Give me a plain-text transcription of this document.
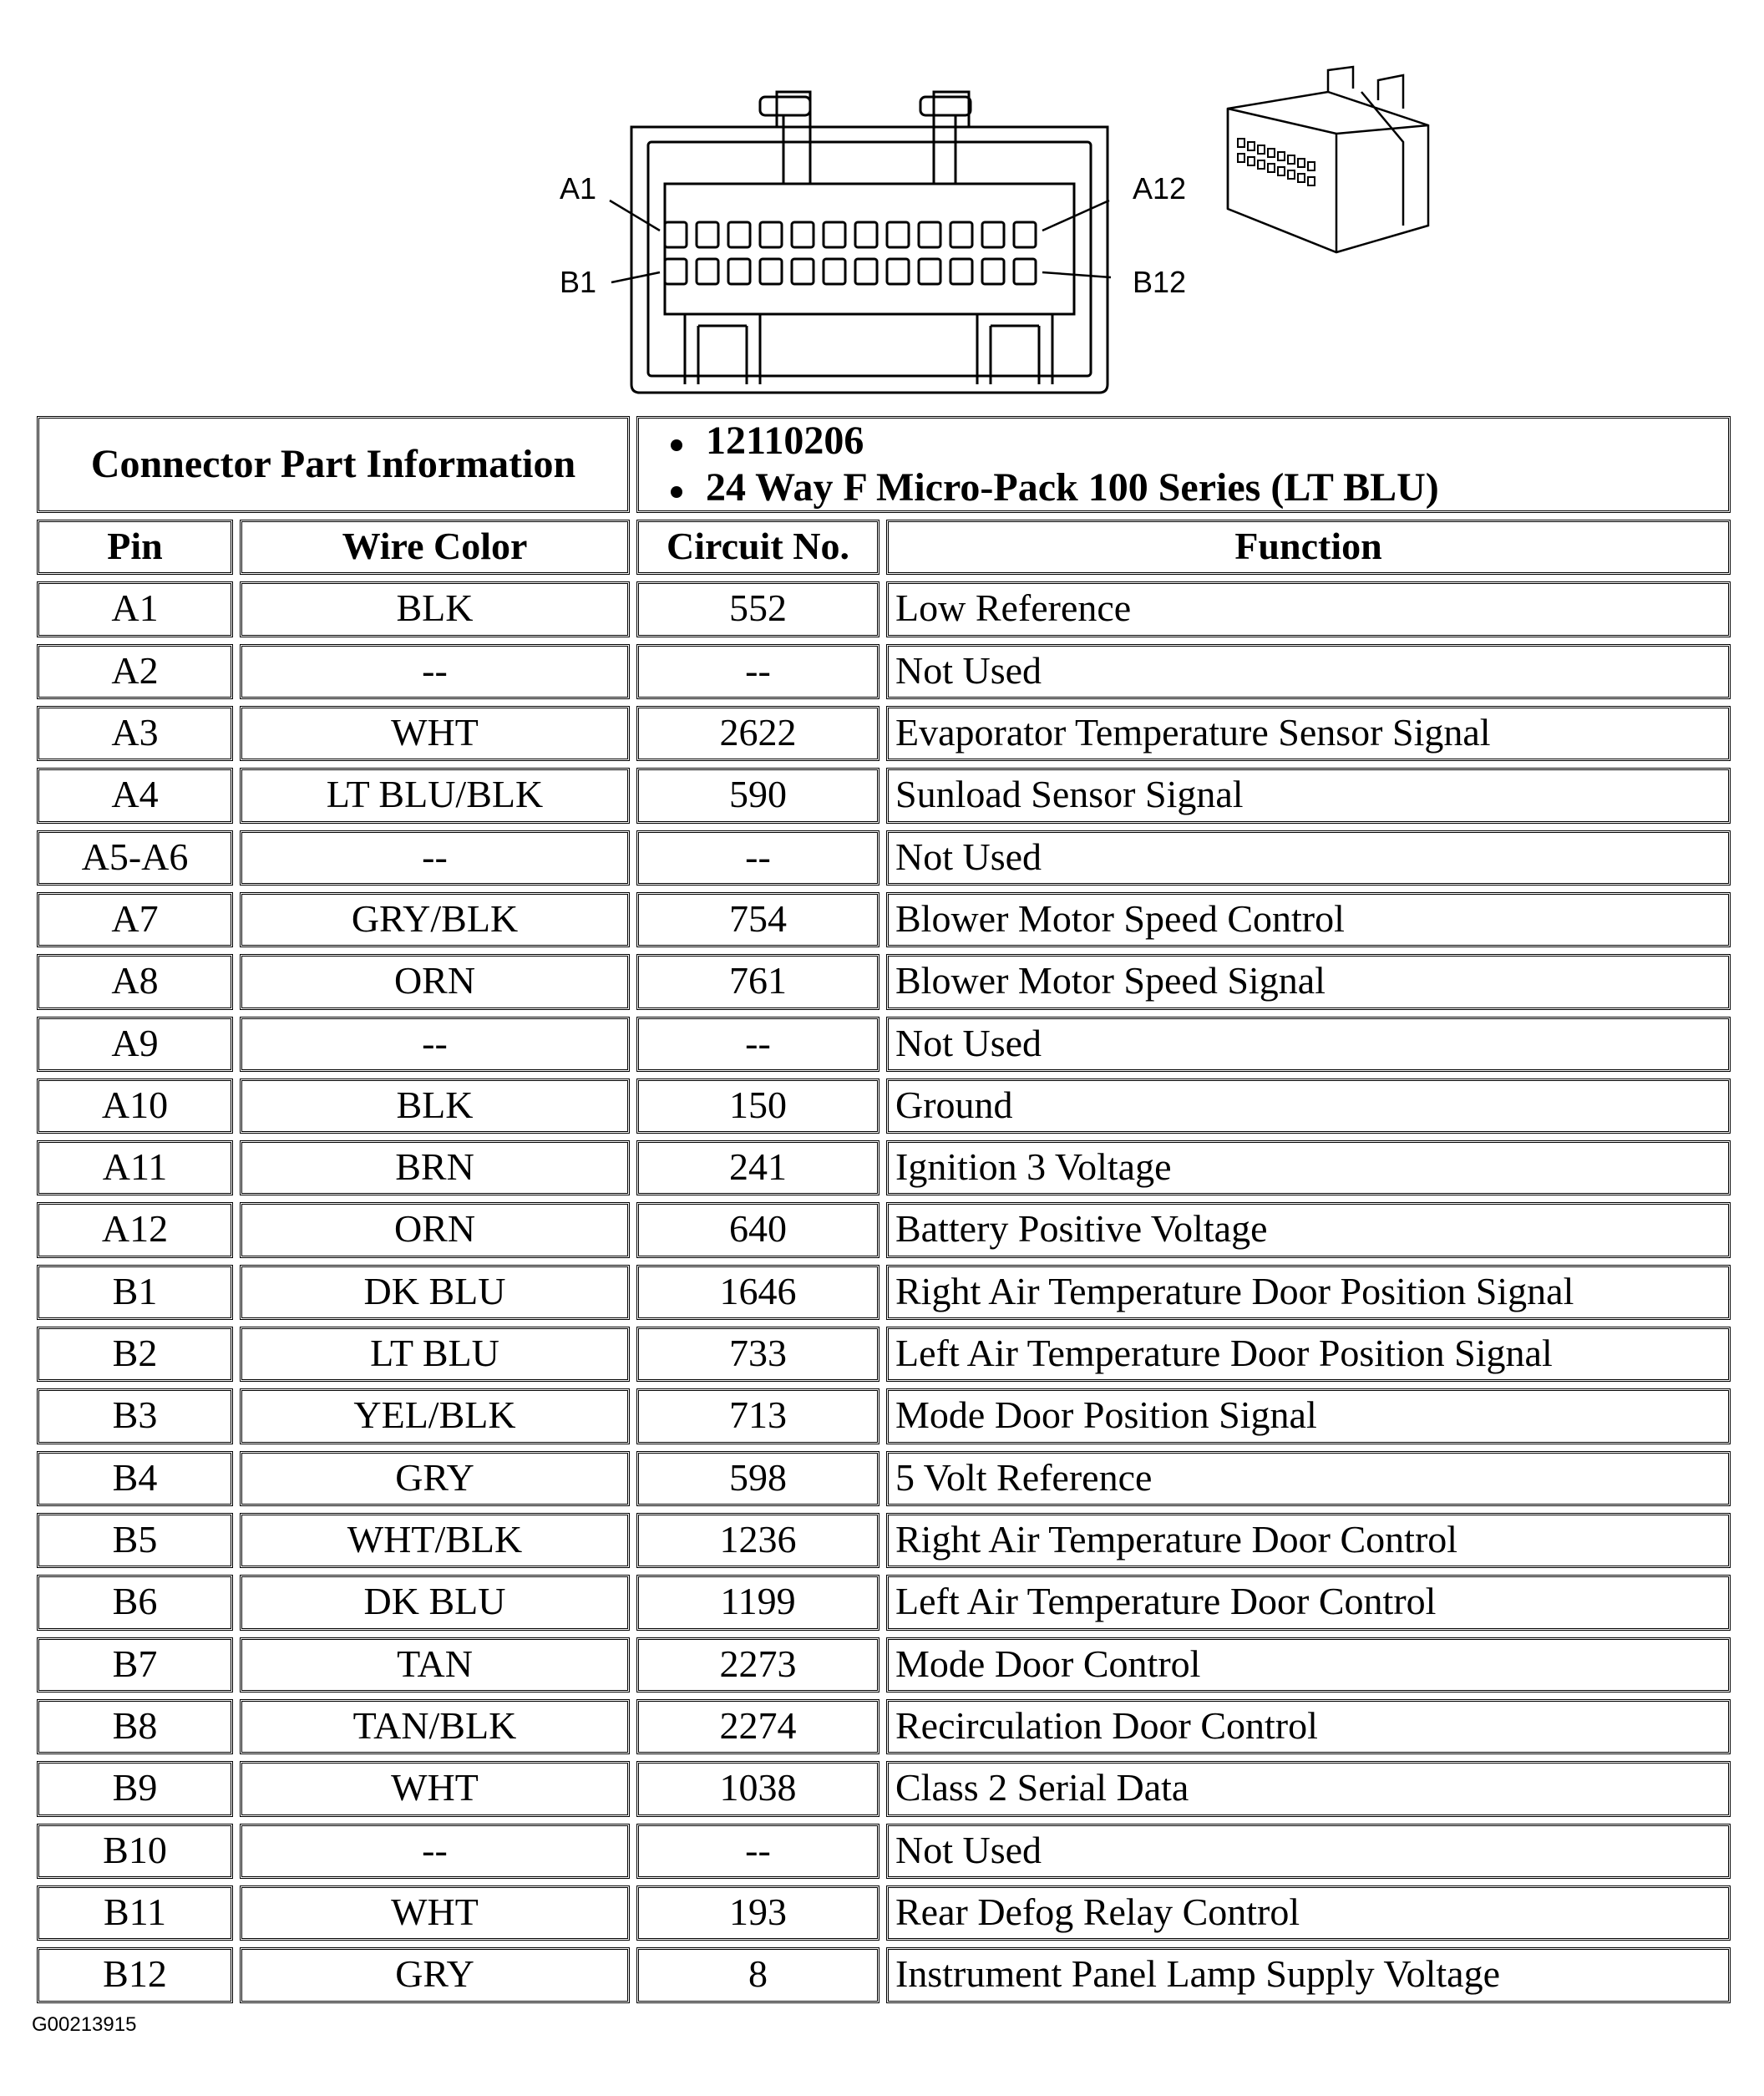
A1	A12
B1	B12
Connector Part Information
12110206
24 Way F Micro-Pack 100 Series (LT BLU)
Pin	Wire Color	Circuit No.	Function
A1	BLK	552	Low Reference
A2	--	--	Not Used
A3	WHT	2622	Evaporator Temperature Sensor Signal
A4	LT BLU/BLK	590	Sunload Sensor Signal
A5-A6	--	--	Not Used
A7	GRY/BLK	754	Blower Motor Speed Control
A8	ORN	761	Blower Motor Speed Signal
A9	--	--	Not Used
A10	BLK	150	Ground
A11	BRN	241	Ignition 3 Voltage
A12	ORN	640	Battery Positive Voltage
B1	DK BLU	1646	Right Air Temperature Door Position Signal
B2	LT BLU	733	Left Air Temperature Door Position Signal
B3	YEL/BLK	713	Mode Door Position Signal
B4	GRY	598	5 Volt Reference
B5	WHT/BLK	1236	Right Air Temperature Door Control
B6	DK BLU	1199	Left Air Temperature Door Control
B7	TAN	2273	Mode Door Control
B8	TAN/BLK	2274	Recirculation Door Control
B9	WHT	1038	Class 2 Serial Data
B10	--	--	Not Used
B11	WHT	193	Rear Defog Relay Control
B12	GRY	8	Instrument Panel Lamp Supply Voltage
G00213915
